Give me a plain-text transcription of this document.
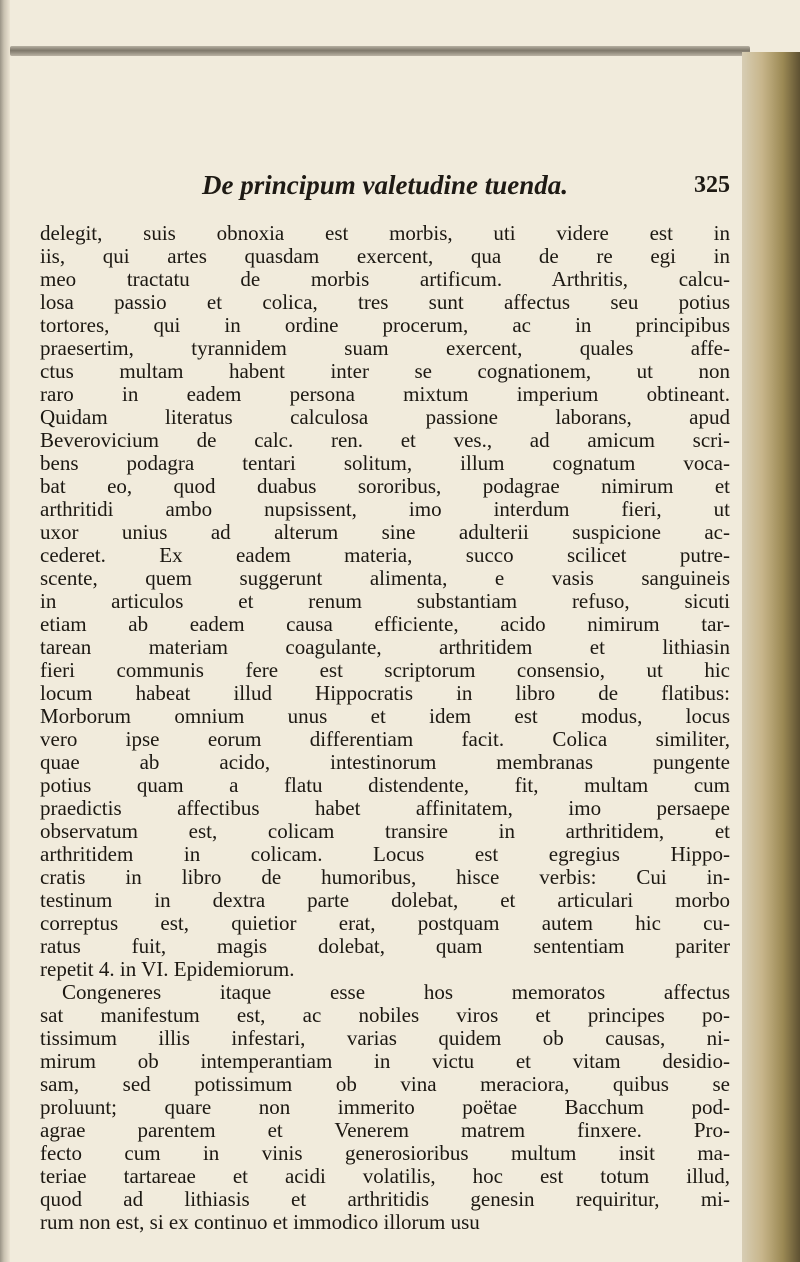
De principum valetudine tuenda.	325
delegit, suis obnoxia est morbis, uti videre est in
iis, qui artes quasdam exercent, qua de re egi in
meo tractatu de morbis artificum. Arthritis, calcu-
losa passio et colica, tres sunt affectus seu potius
tortores, qui in ordine procerum, ac in principibus
praesertim, tyrannidem suam exercent, quales affe-
ctus multam habent inter se cognationem, ut non
raro in eadem persona mixtum imperium obtineant.
Quidam literatus calculosa passione laborans, apud
Beverovicium de calc. ren. et ves., ad amicum scri-
bens podagra tentari solitum, illum cognatum voca-
bat eo, quod duabus sororibus, podagrae nimirum et
arthritidi ambo nupsissent, imo interdum fieri, ut
uxor unius ad alterum sine adulterii suspicione ac-
cederet. Ex eadem materia, succo scilicet putre-
scente, quem suggerunt alimenta, e vasis sanguineis
in articulos et renum substantiam refuso, sicuti
etiam ab eadem causa efficiente, acido nimirum tar-
tarean materiam coagulante, arthritidem et lithiasin
fieri communis fere est scriptorum consensio, ut hic
locum habeat illud Hippocratis in libro de flatibus:
Morborum omnium unus et idem est modus, locus
vero ipse eorum differentiam facit. Colica similiter,
quae ab acido, intestinorum membranas pungente
potius quam a flatu distendente, fit, multam cum
praedictis affectibus habet affinitatem, imo persaepe
observatum est, colicam transire in arthritidem, et
arthritidem in colicam. Locus est egregius Hippo-
cratis in libro de humoribus, hisce verbis: Cui in-
testinum in dextra parte dolebat, et articulari morbo
correptus est, quietior erat, postquam autem hic cu-
ratus fuit, magis dolebat, quam sententiam pariter
repetit 4. in VI. Epidemiorum.
Congeneres itaque esse hos memoratos affectus
sat manifestum est, ac nobiles viros et principes po-
tissimum illis infestari, varias quidem ob causas, ni-
mirum ob intemperantiam in victu et vitam desidio-
sam, sed potissimum ob vina meraciora, quibus se
proluunt; quare non immerito poëtae Bacchum pod-
agrae parentem et Venerem matrem finxere. Pro-
fecto cum in vinis generosioribus multum insit ma-
teriae tartareae et acidi volatilis, hoc est totum illud,
quod ad lithiasis et arthritidis genesin requiritur, mi-
rum non est, si ex continuo et immodico illorum usu
